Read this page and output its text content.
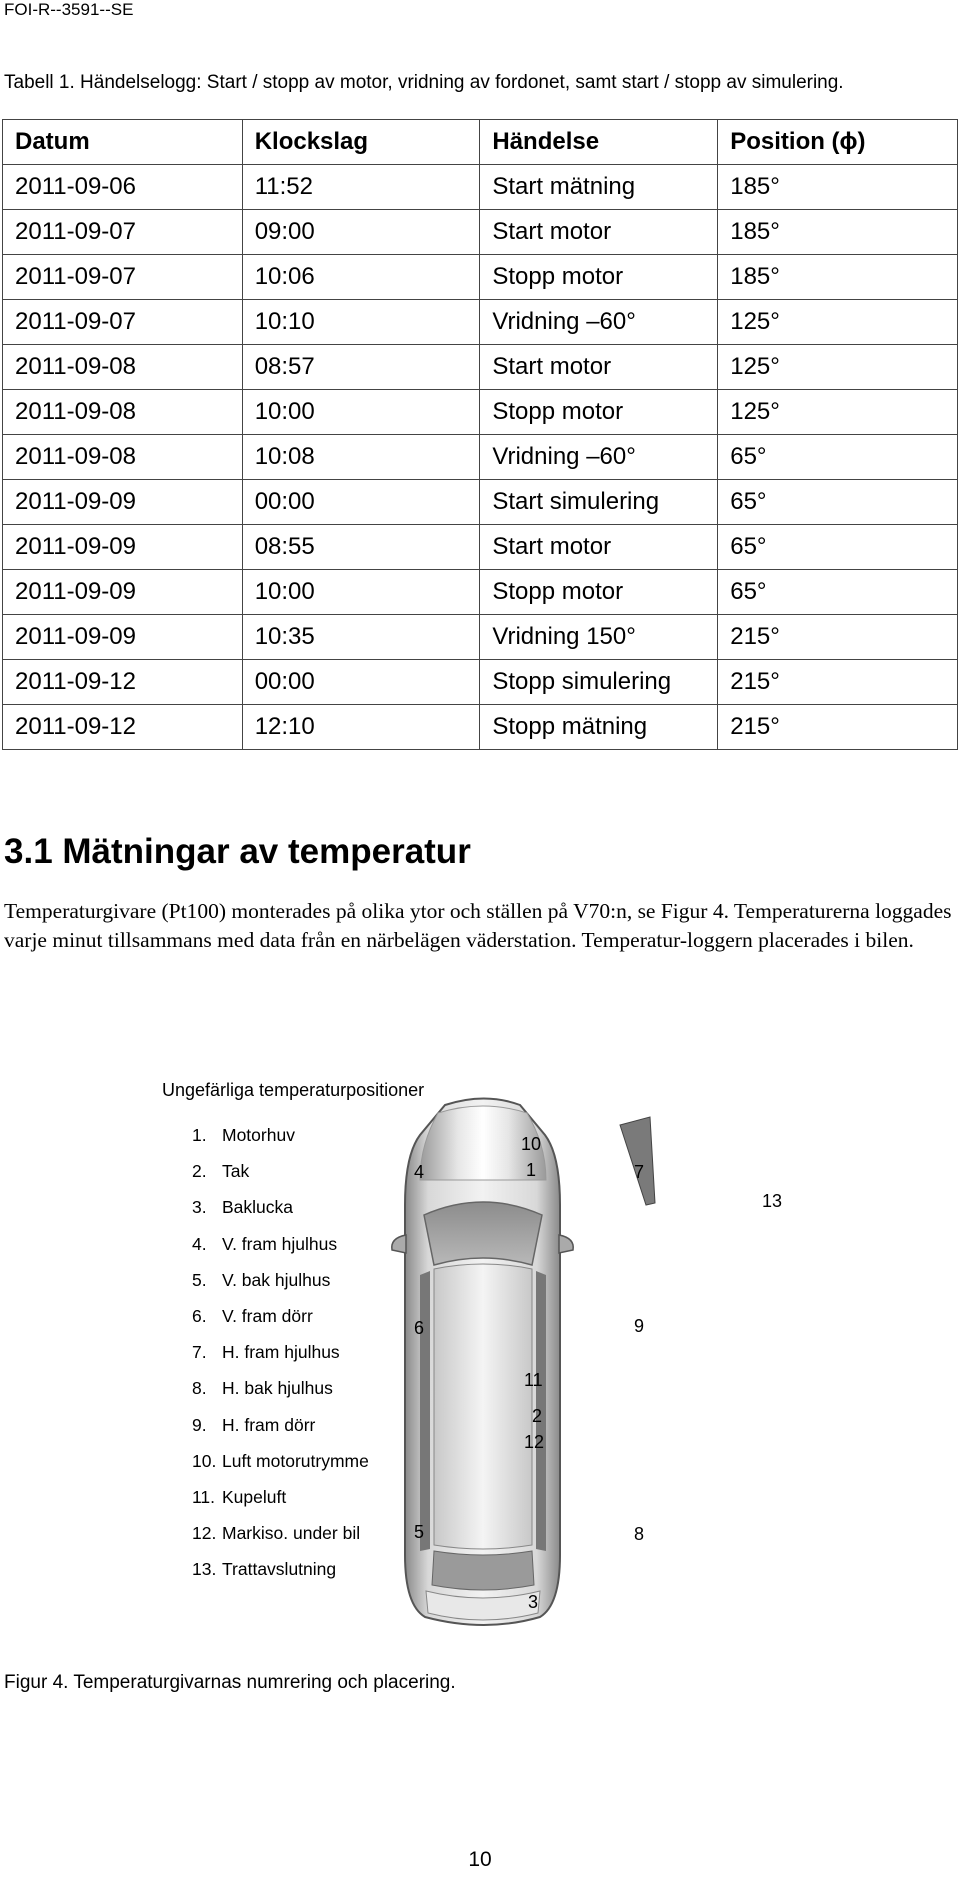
FOI-R--3591--SE
Tabell 1. Händelselogg: Start / stopp av motor, vridning av fordonet, samt start / stopp av simulering.
Datum	Klockslag	Händelse	Position (ϕ)
2011-09-06	11:52	Start mätning	185°
2011-09-07	09:00	Start motor	185°
2011-09-07	10:06	Stopp motor	185°
2011-09-07	10:10	Vridning –60°	125°
2011-09-08	08:57	Start motor	125°
2011-09-08	10:00	Stopp motor	125°
2011-09-08	10:08	Vridning –60°	65°
2011-09-09	00:00	Start simulering	65°
2011-09-09	08:55	Start motor	65°
2011-09-09	10:00	Stopp motor	65°
2011-09-09	10:35	Vridning 150°	215°
2011-09-12	00:00	Stopp simulering	215°
2011-09-12	12:10	Stopp mätning	215°
3.1 Mätningar av temperatur

Temperaturgivare (Pt100) monterades på olika ytor och ställen på V70:n, se Figur 4. Temperaturerna loggades varje minut tillsammans med data från en närbelägen väderstation. Temperatur-loggern placerades i bilen.

10
1
4	7
13
6	9
11
2
12
5	8
3
Ungefärliga temperaturpositioner
1. Motorhuv
2. Tak
3. Baklucka
4. V. fram hjulhus
5. V. bak hjulhus
6. V. fram dörr
7. H. fram hjulhus
8. H. bak hjulhus
9. H. fram dörr
10. Luft motorutrymme
11. Kupeluft
12. Markiso. under bil
13. Trattavslutning
Figur 4. Temperaturgivarnas numrering och placering.
10
